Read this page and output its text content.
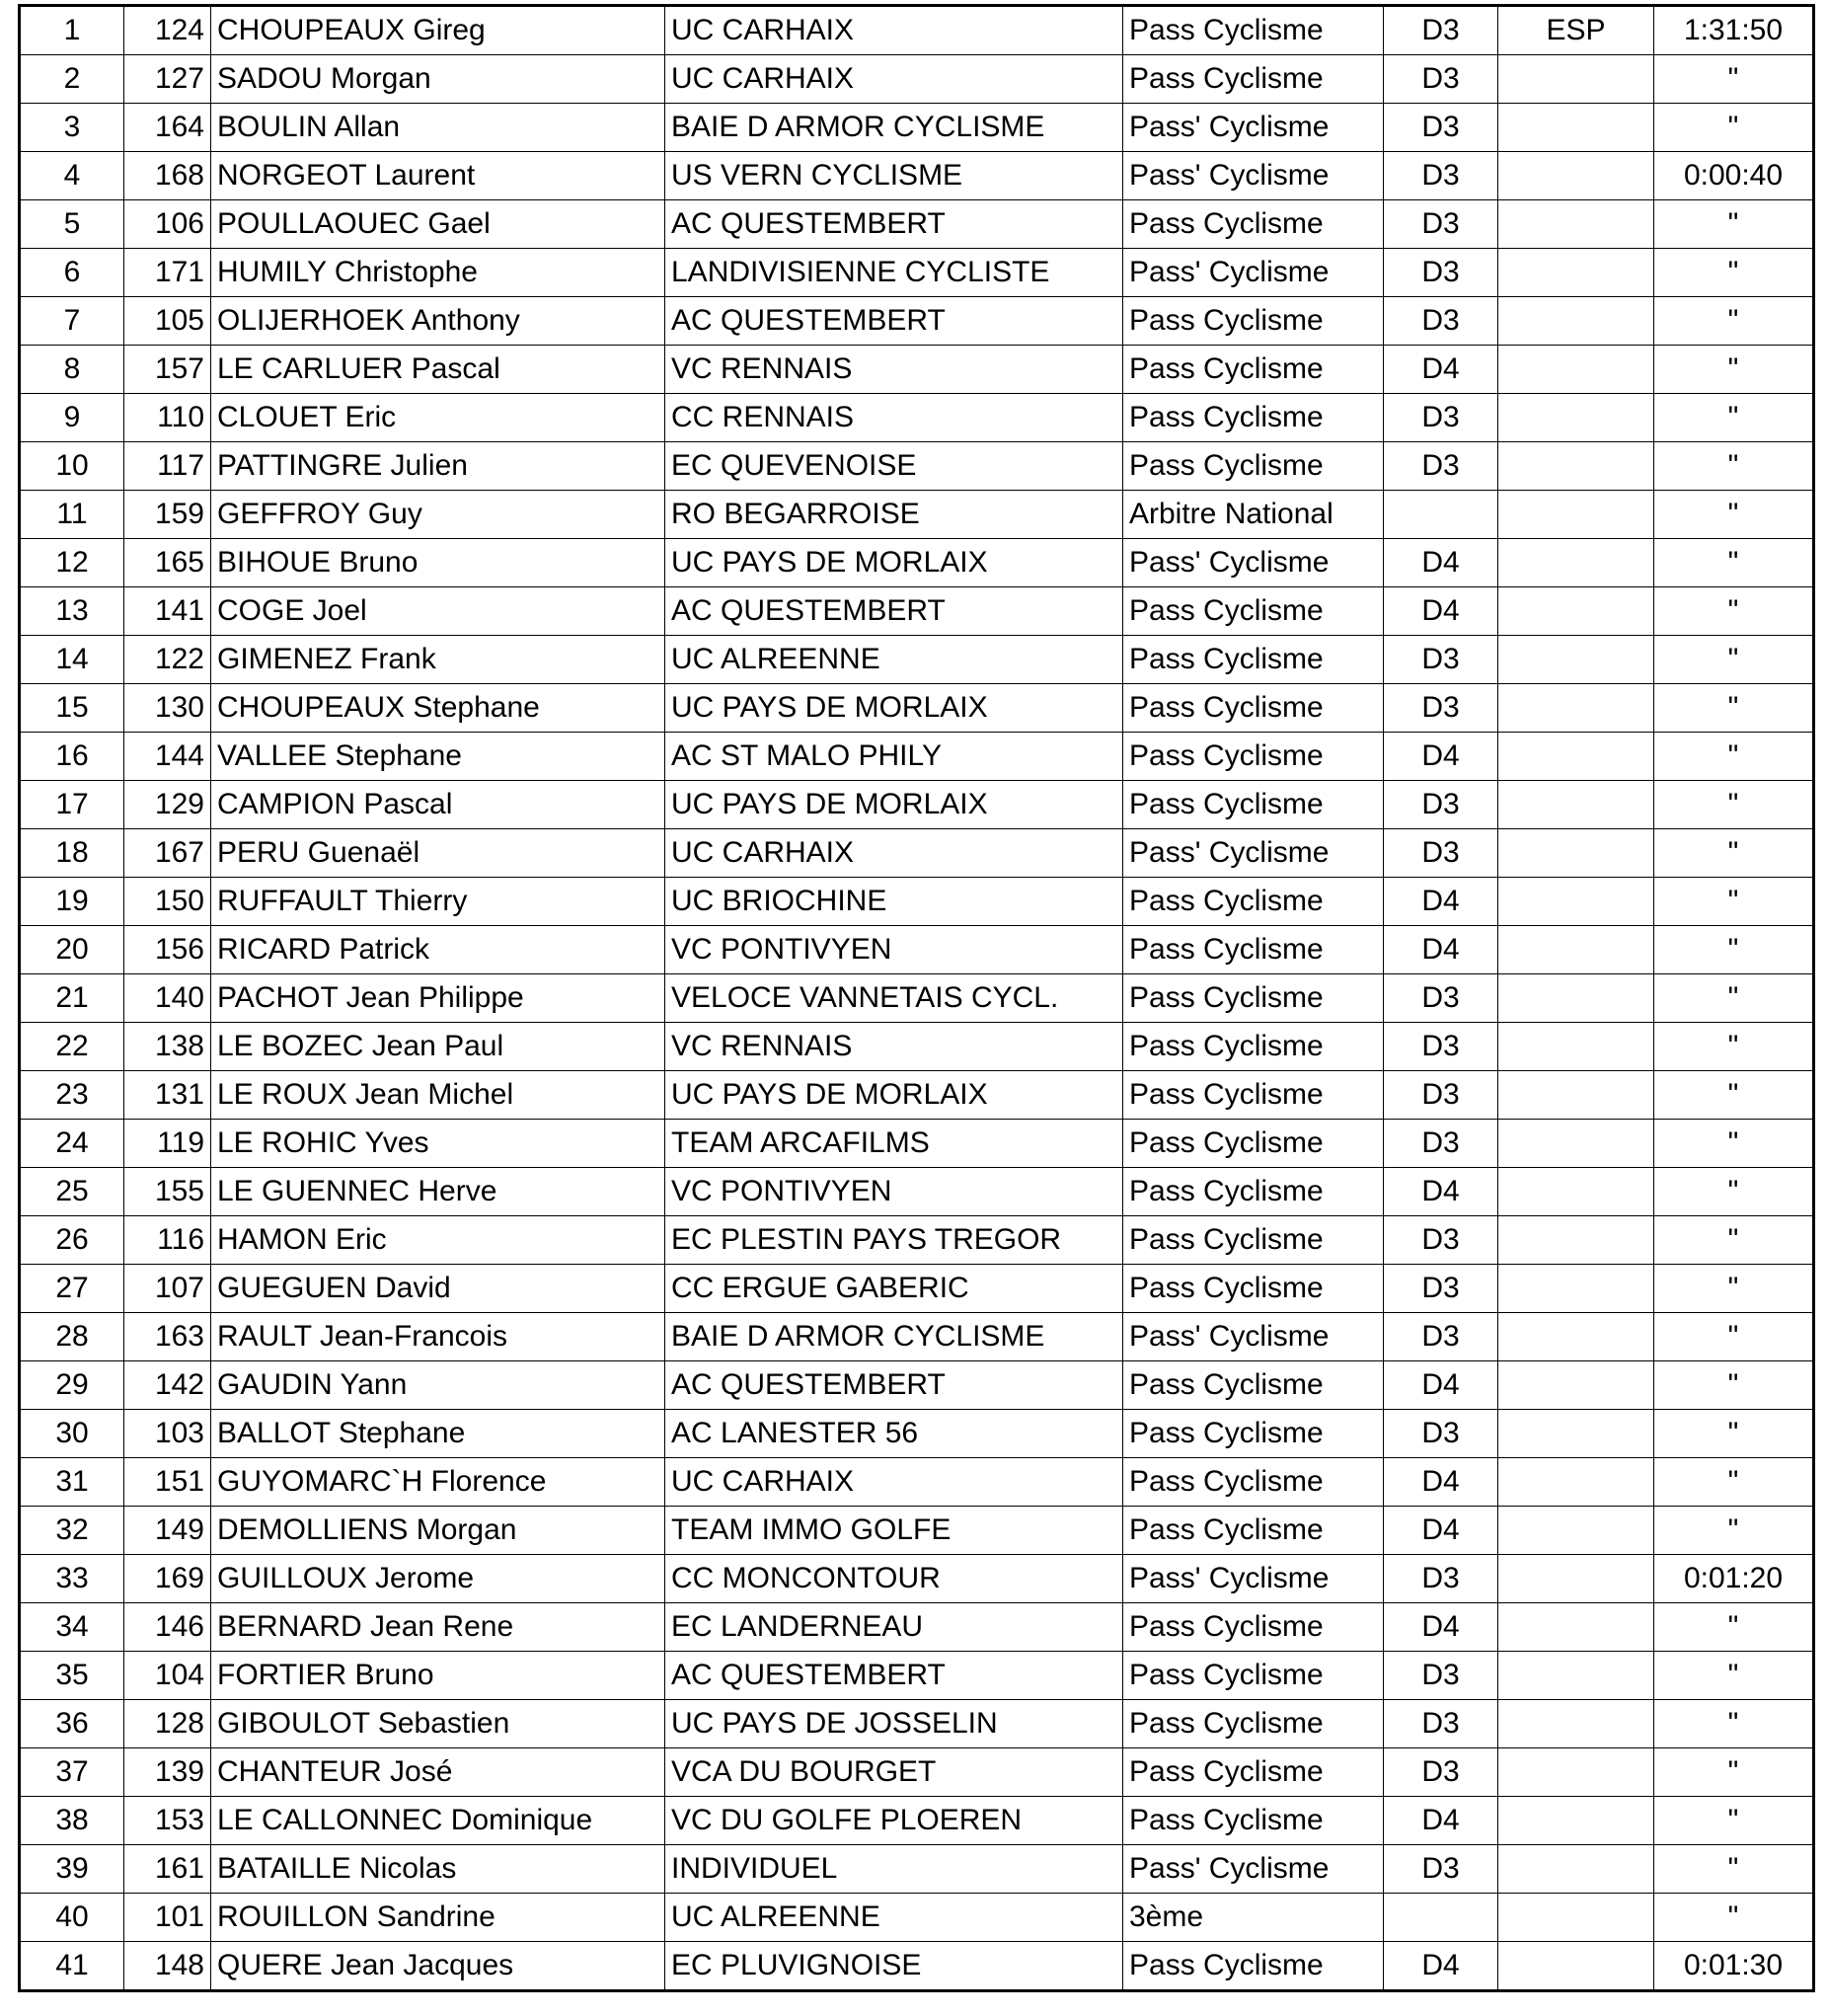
1	124	CHOUPEAUX Gireg	UC CARHAIX	Pass Cyclisme	D3	ESP	1:31:50
2	127	SADOU Morgan	UC CARHAIX	Pass Cyclisme	D3		"
3	164	BOULIN Allan	BAIE D ARMOR CYCLISME	Pass' Cyclisme	D3		"
4	168	NORGEOT Laurent	US VERN CYCLISME	Pass' Cyclisme	D3		0:00:40
5	106	POULLAOUEC Gael	AC QUESTEMBERT	Pass Cyclisme	D3		"
6	171	HUMILY Christophe	LANDIVISIENNE CYCLISTE	Pass' Cyclisme	D3		"
7	105	OLIJERHOEK Anthony	AC QUESTEMBERT	Pass Cyclisme	D3		"
8	157	LE CARLUER Pascal	VC RENNAIS	Pass Cyclisme	D4		"
9	110	CLOUET Eric	CC RENNAIS	Pass Cyclisme	D3		"
10	117	PATTINGRE Julien	EC QUEVENOISE	Pass Cyclisme	D3		"
11	159	GEFFROY Guy	RO BEGARROISE	Arbitre National			"
12	165	BIHOUE Bruno	UC PAYS DE MORLAIX	Pass' Cyclisme	D4		"
13	141	COGE Joel	AC QUESTEMBERT	Pass Cyclisme	D4		"
14	122	GIMENEZ Frank	UC ALREENNE	Pass Cyclisme	D3		"
15	130	CHOUPEAUX Stephane	UC PAYS DE MORLAIX	Pass Cyclisme	D3		"
16	144	VALLEE Stephane	AC ST MALO PHILY	Pass Cyclisme	D4		"
17	129	CAMPION Pascal	UC PAYS DE MORLAIX	Pass Cyclisme	D3		"
18	167	PERU Guenaël	UC CARHAIX	Pass' Cyclisme	D3		"
19	150	RUFFAULT Thierry	UC BRIOCHINE	Pass Cyclisme	D4		"
20	156	RICARD Patrick	VC PONTIVYEN	Pass Cyclisme	D4		"
21	140	PACHOT Jean Philippe	VELOCE VANNETAIS CYCL.	Pass Cyclisme	D3		"
22	138	LE BOZEC Jean Paul	VC RENNAIS	Pass Cyclisme	D3		"
23	131	LE ROUX Jean Michel	UC PAYS DE MORLAIX	Pass Cyclisme	D3		"
24	119	LE ROHIC Yves	TEAM ARCAFILMS	Pass Cyclisme	D3		"
25	155	LE GUENNEC Herve	VC PONTIVYEN	Pass Cyclisme	D4		"
26	116	HAMON Eric	EC PLESTIN PAYS TREGOR	Pass Cyclisme	D3		"
27	107	GUEGUEN David	CC ERGUE GABERIC	Pass Cyclisme	D3		"
28	163	RAULT Jean-Francois	BAIE D ARMOR CYCLISME	Pass' Cyclisme	D3		"
29	142	GAUDIN Yann	AC QUESTEMBERT	Pass Cyclisme	D4		"
30	103	BALLOT Stephane	AC LANESTER 56	Pass Cyclisme	D3		"
31	151	GUYOMARC`H Florence	UC CARHAIX	Pass Cyclisme	D4		"
32	149	DEMOLLIENS Morgan	TEAM IMMO GOLFE	Pass Cyclisme	D4		"
33	169	GUILLOUX Jerome	CC MONCONTOUR	Pass' Cyclisme	D3		0:01:20
34	146	BERNARD Jean Rene	EC LANDERNEAU	Pass Cyclisme	D4		"
35	104	FORTIER Bruno	AC QUESTEMBERT	Pass Cyclisme	D3		"
36	128	GIBOULOT Sebastien	UC PAYS DE JOSSELIN	Pass Cyclisme	D3		"
37	139	CHANTEUR José	VCA DU BOURGET	Pass Cyclisme	D3		"
38	153	LE CALLONNEC Dominique	VC DU GOLFE PLOEREN	Pass Cyclisme	D4		"
39	161	BATAILLE Nicolas	INDIVIDUEL	Pass' Cyclisme	D3		"
40	101	ROUILLON Sandrine	UC ALREENNE	3ème			"
41	148	QUERE Jean Jacques	EC PLUVIGNOISE	Pass Cyclisme	D4		0:01:30
